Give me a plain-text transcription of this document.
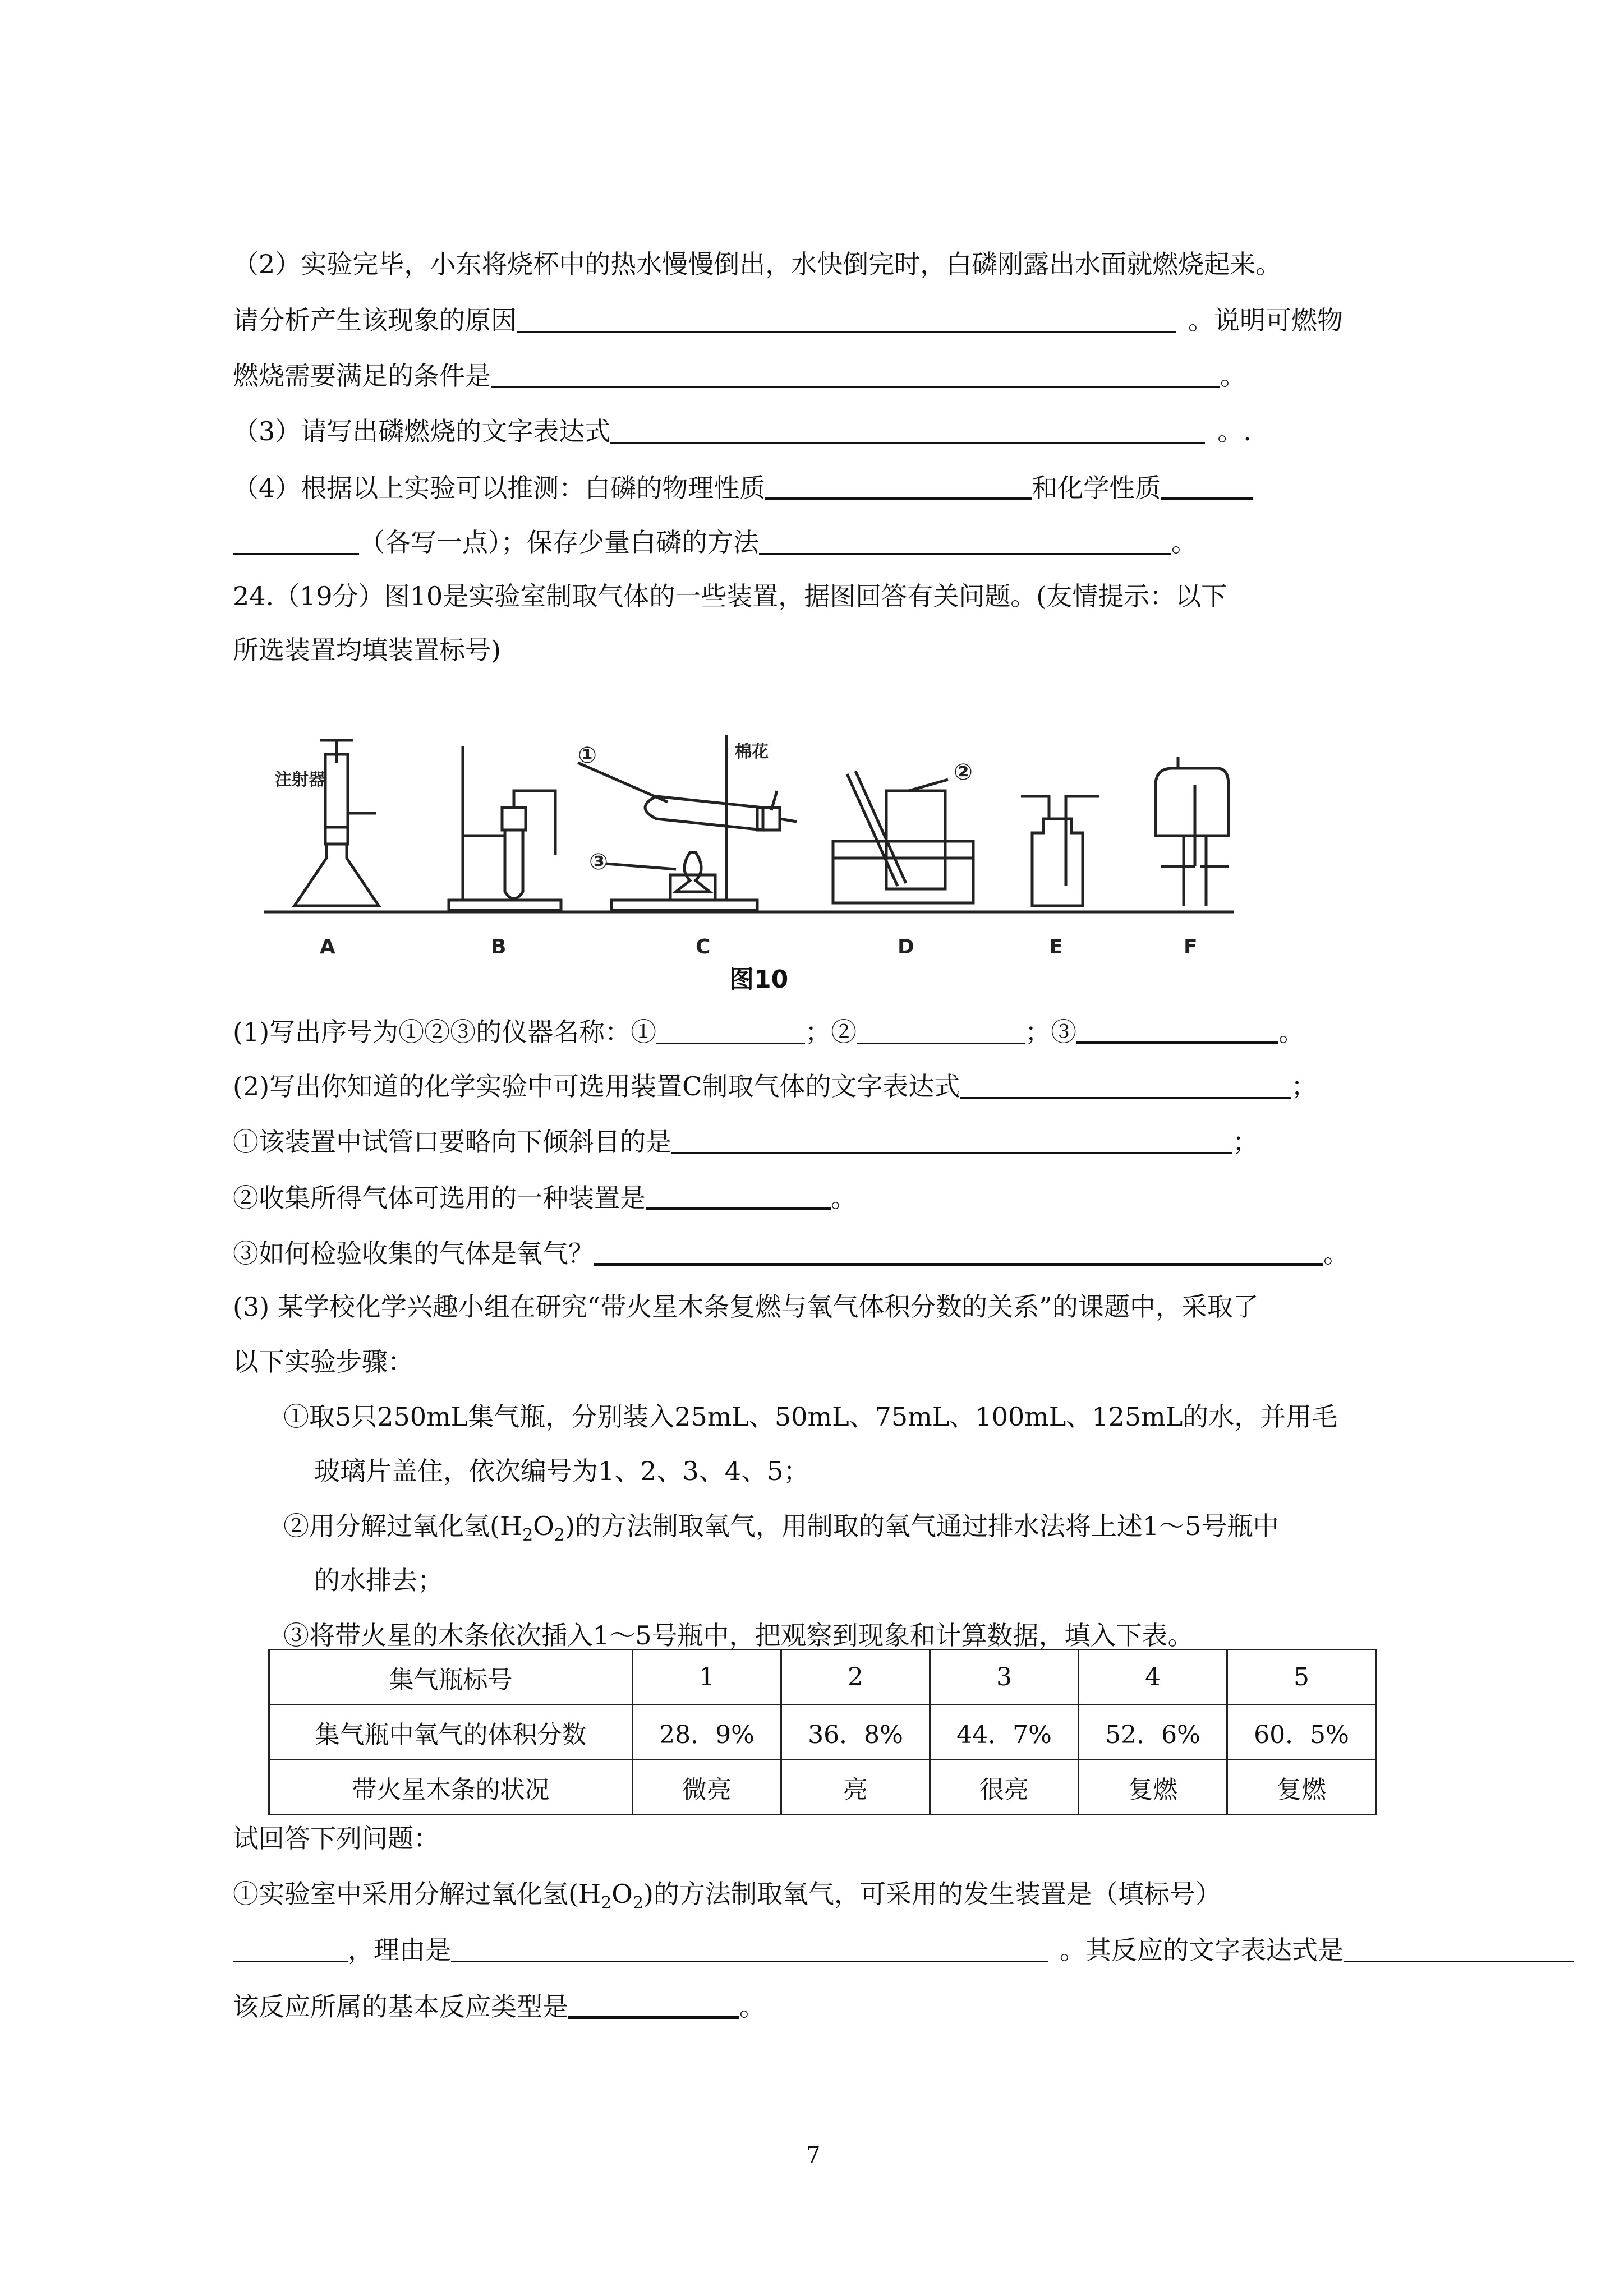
（2）实验完毕，小东将烧杯中的热水慢慢倒出，水快倒完时，白磷刚露出水面就燃烧起来。
请分析产生该现象的原因	。说明可燃物
燃烧需要满足的条件是	。
（3）请写出磷燃烧的文字表达式	。.
（4）根据以上实验可以推测：白磷的物理性质	和化学性质
（各写一点）；保存少量白磷的方法	。
24.（19分）图10是实验室制取气体的一些装置，据图回答有关问题。(友情提示：以下
所选装置均填装置标号)
A	B	C	D	E	F
注射器
棉花
①
②
③
图10
(1)写出序号为①②③的仪器名称：①	；②	；③	。
(2)写出你知道的化学实验中可选用装置C制取气体的文字表达式	；
①该装置中试管口要略向下倾斜目的是	；
②收集所得气体可选用的一种装置是	。
③如何检验收集的气体是氧气？	。
(3) 某学校化学兴趣小组在研究“带火星木条复燃与氧气体积分数的关系”的课题中，采取了
以下实验步骤：
①取5只250mL集气瓶，分别装入25mL、50mL、75mL、100mL、125mL的水，并用毛
玻璃片盖住，依次编号为1、2、3、4、5；
②用分解过氧化氢$(H_2O_2)$的方法制取氧气，用制取的氧气通过排水法将上述1～5号瓶中
的水排去；
③将带火星的木条依次插入1～5号瓶中，把观察到现象和计算数据，填入下表。
集气瓶标号	1	2	3	4	5
集气瓶中氧气的体积分数	28．9%	36．8%	44．7%	52．6%	60．5%
带火星木条的状况	微亮	亮	很亮	复燃	复燃
试回答下列问题：
①实验室中采用分解过氧化氢$(H_2O_2)$的方法制取氧气，可采用的发生装置是（填标号）
，理由是	。其反应的文字表达式是
该反应所属的基本反应类型是	。
7
